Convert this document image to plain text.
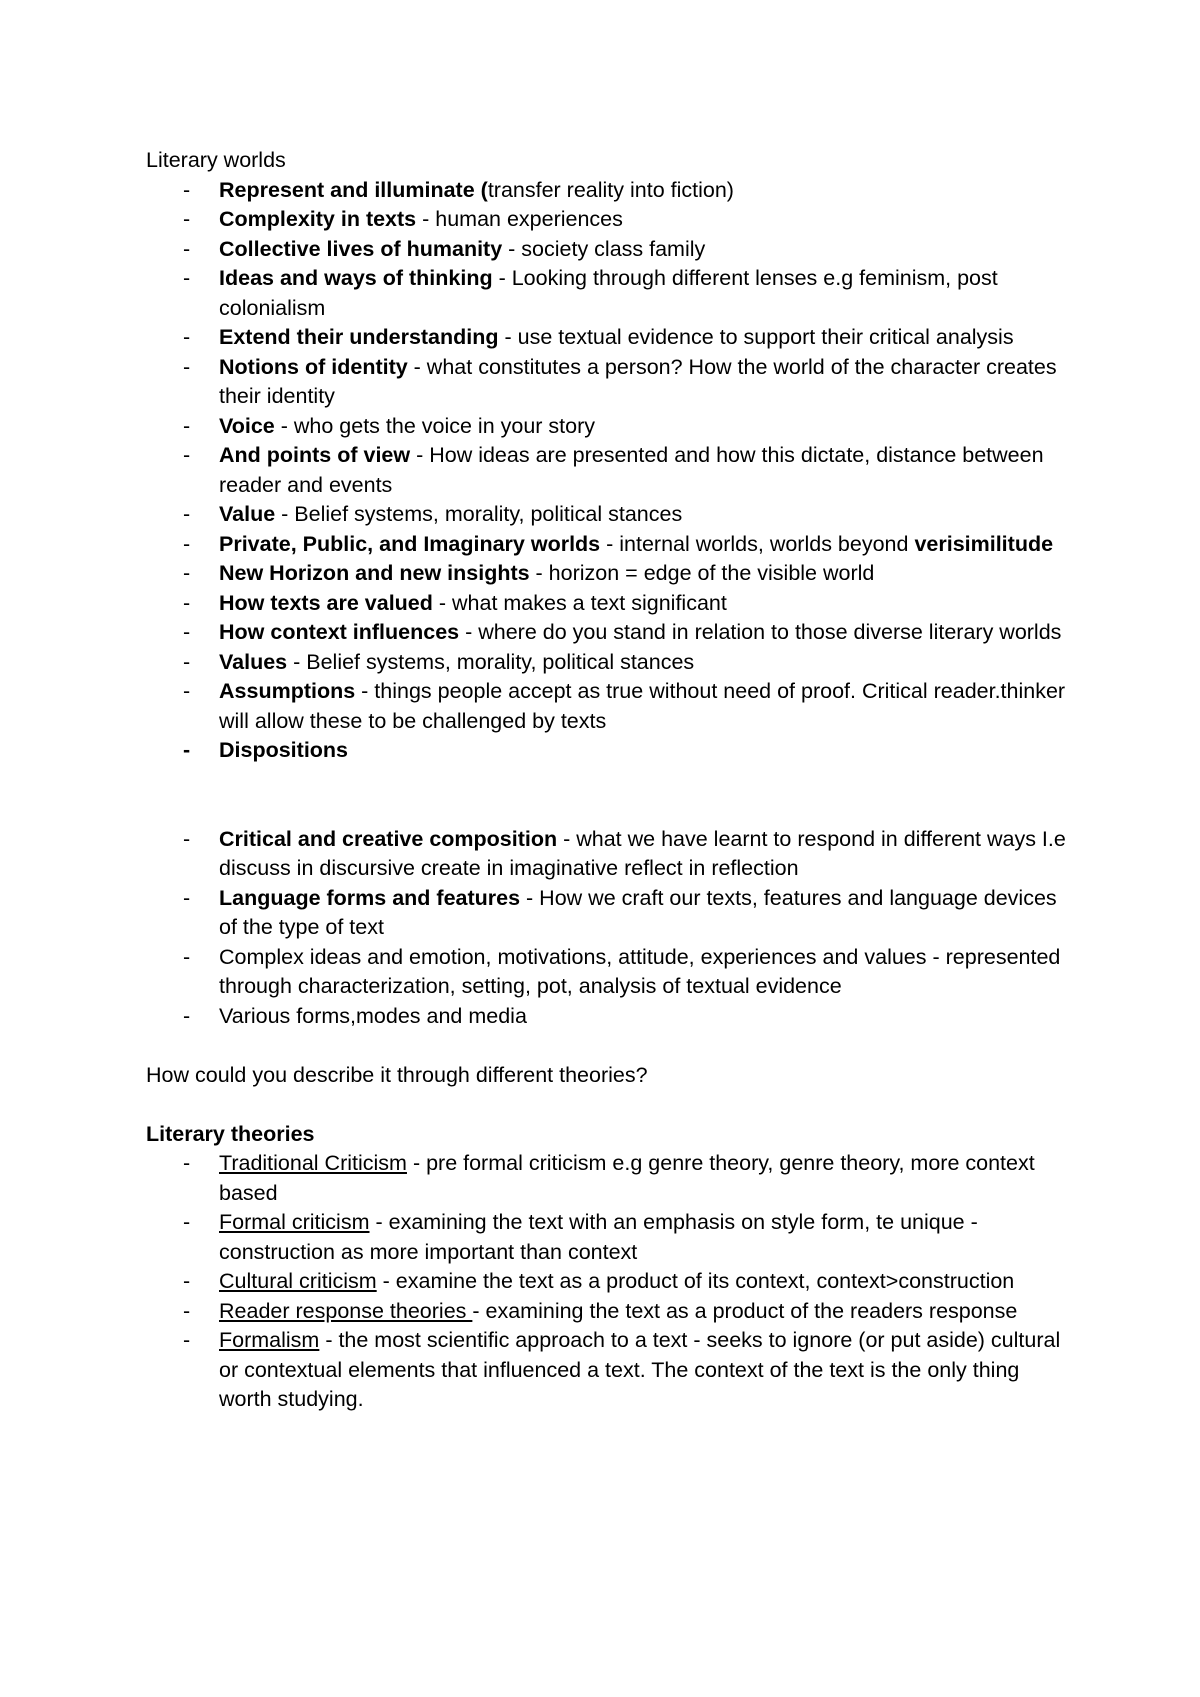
Literary worlds

- Represent and illuminate (transfer reality into fiction)
- Complexity in texts - human experiences
- Collective lives of humanity - society class family
- Ideas and ways of thinking - Looking through different lenses e.g feminism, post colonialism
- Extend their understanding - use textual evidence to support their critical analysis
- Notions of identity - what constitutes a person? How the world of the character creates their identity
- Voice - who gets the voice in your story
- And points of view - How ideas are presented and how this dictate, distance between reader and events
- Value - Belief systems, morality, political stances
- Private, Public, and Imaginary worlds - internal worlds, worlds beyond verisimilitude
- New Horizon and new insights - horizon = edge of the visible world
- How texts are valued - what makes a text significant
- How context influences - where do you stand in relation to those diverse literary worlds
- Values - Belief systems, morality, political stances
- Assumptions - things people accept as true without need of proof. Critical reader.thinker will allow these to be challenged by texts
- Dispositions
- Critical and creative composition - what we have learnt to respond in different ways I.e discuss in discursive create in imaginative reflect in reflection
- Language forms and features - How we craft our texts, features and language devices of the type of text
- Complex ideas and emotion, motivations, attitude, experiences and values - represented through characterization, setting, pot, analysis of textual evidence
- Various forms,modes and media

How could you describe it through different theories?

Literary theories

- Traditional Criticism - pre formal criticism e.g genre theory, genre theory, more context based
- Formal criticism - examining the text with an emphasis on style form, te unique - construction as more important than context
- Cultural criticism - examine the text as a product of its context, context>construction
- Reader response theories - examining the text as a product of the readers response
- Formalism - the most scientific approach to a text - seeks to ignore (or put aside) cultural or contextual elements that influenced a text. The context of the text is the only thing worth studying.
